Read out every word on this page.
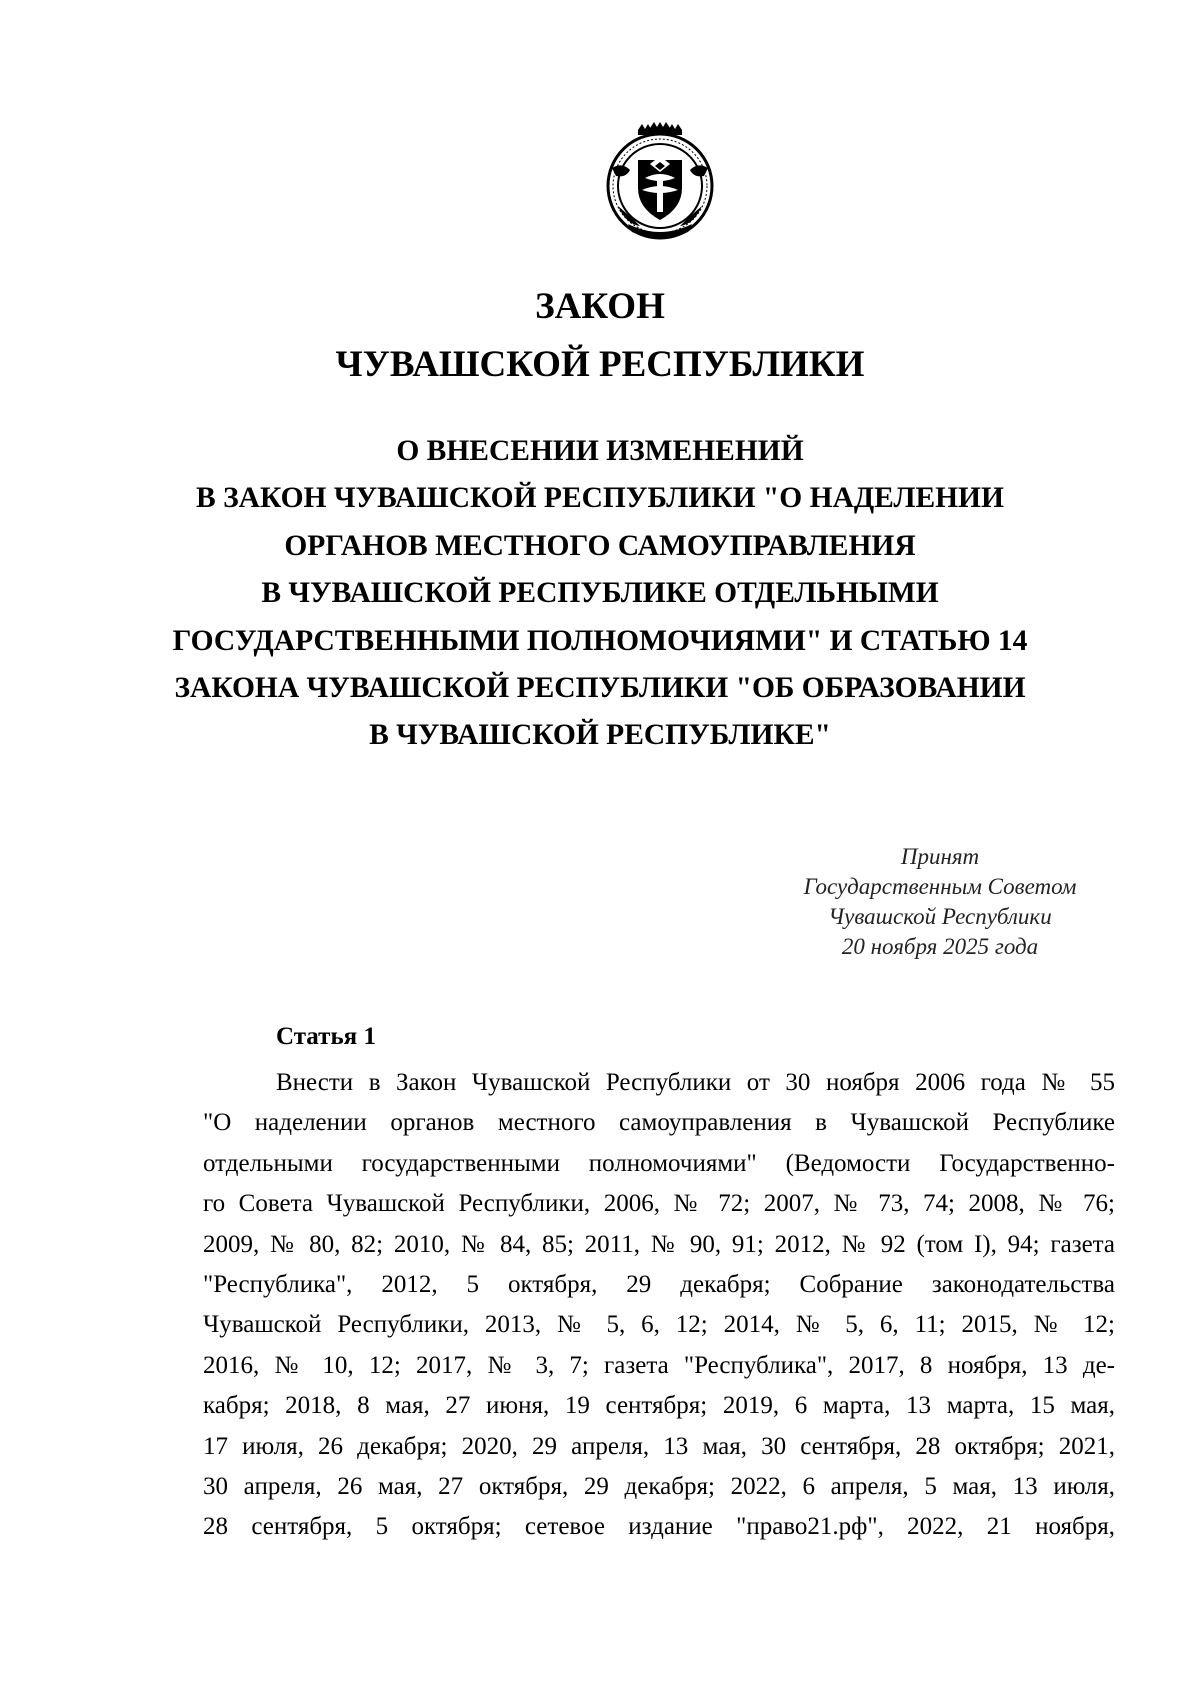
ЗАКОН
ЧУВАШСКОЙ РЕСПУБЛИКИ
О ВНЕСЕНИИ ИЗМЕНЕНИЙ
В ЗАКОН ЧУВАШСКОЙ РЕСПУБЛИКИ "О НАДЕЛЕНИИ
ОРГАНОВ МЕСТНОГО САМОУПРАВЛЕНИЯ
В ЧУВАШСКОЙ РЕСПУБЛИКЕ ОТДЕЛЬНЫМИ
ГОСУДАРСТВЕННЫМИ ПОЛНОМОЧИЯМИ" И СТАТЬЮ 14
ЗАКОНА ЧУВАШСКОЙ РЕСПУБЛИКИ "ОБ ОБРАЗОВАНИИ
В ЧУВАШСКОЙ РЕСПУБЛИКЕ"
Принят
Государственным Советом
Чувашской Республики
20 ноября 2025 года
Статья 1
Внести в Закон Чувашской Республики от 30 ноября 2006 года № 55
"О наделении органов местного самоуправления в Чувашской Республике
отдельными государственными полномочиями" (Ведомости Государственно-
го Совета Чувашской Республики, 2006, № 72; 2007, № 73, 74; 2008, № 76;
2009, № 80, 82; 2010, № 84, 85; 2011, № 90, 91; 2012, № 92 (том I), 94; газета
"Республика", 2012, 5 октября, 29 декабря; Собрание законодательства
Чувашской Республики, 2013, № 5, 6, 12; 2014, № 5, 6, 11; 2015, № 12;
2016, № 10, 12; 2017, № 3, 7; газета "Республика", 2017, 8 ноября, 13 де-
кабря; 2018, 8 мая, 27 июня, 19 сентября; 2019, 6 марта, 13 марта, 15 мая,
17 июля, 26 декабря; 2020, 29 апреля, 13 мая, 30 сентября, 28 октября; 2021,
30 апреля, 26 мая, 27 октября, 29 декабря; 2022, 6 апреля, 5 мая, 13 июля,
28 сентября, 5 октября; сетевое издание "право21.рф", 2022, 21 ноября,
